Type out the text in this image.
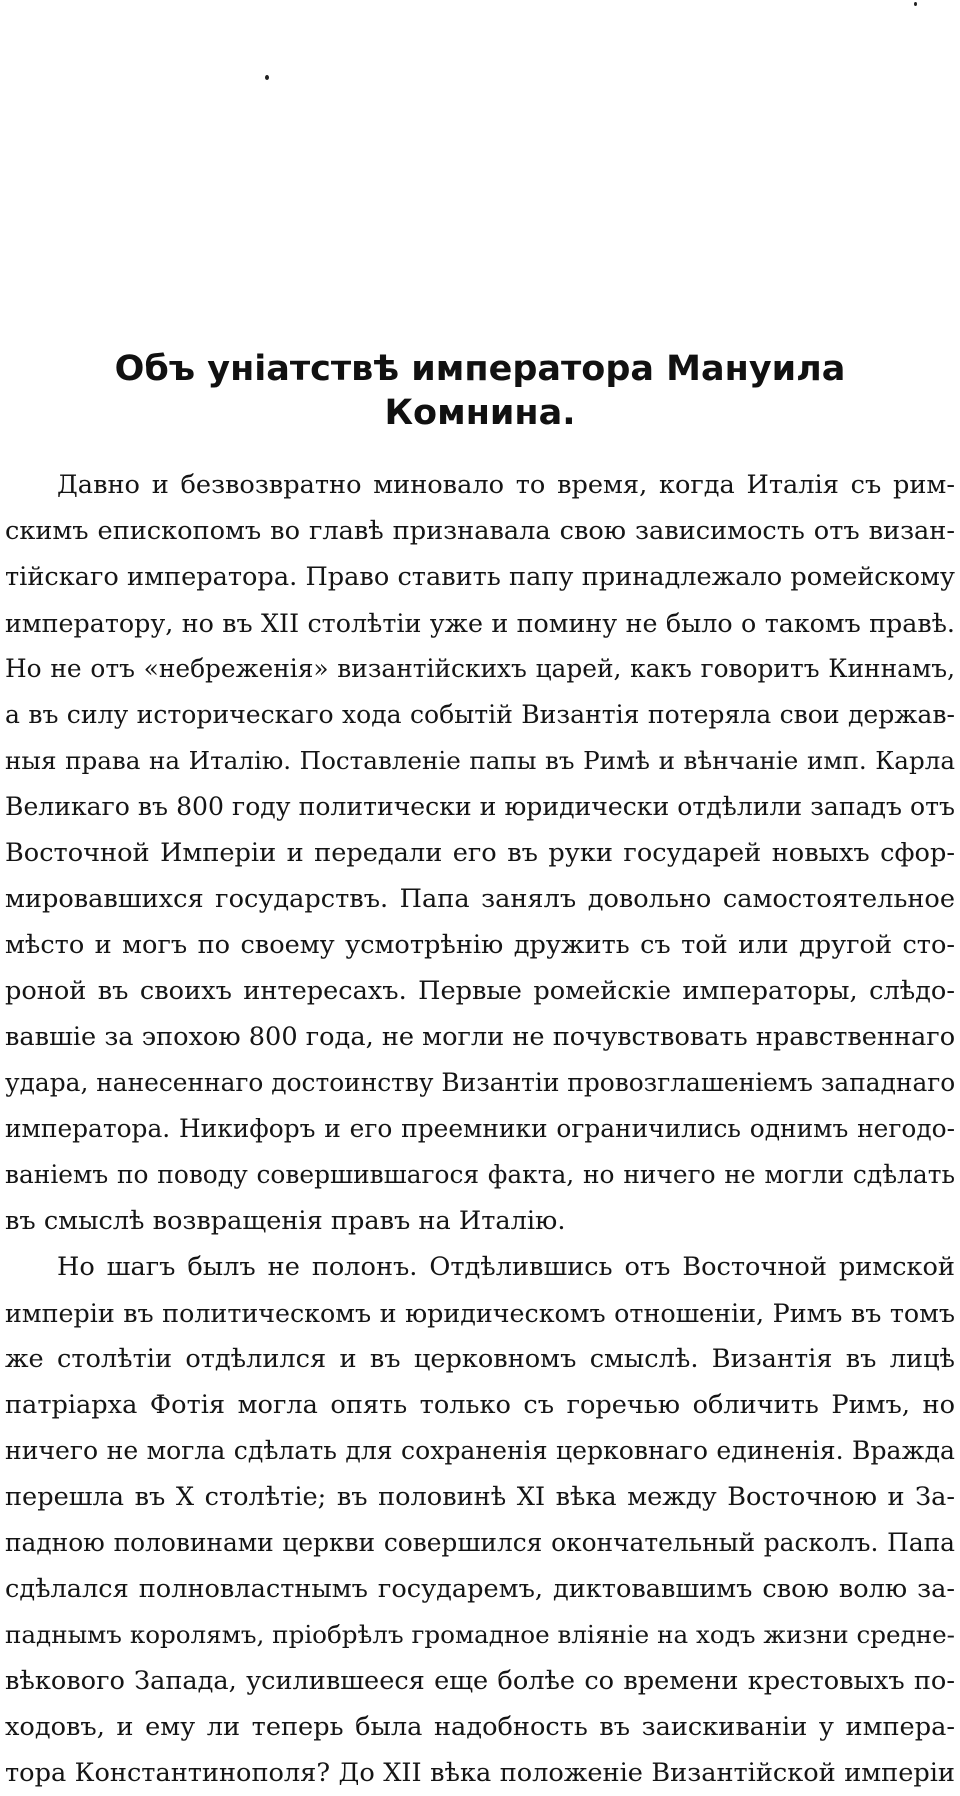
Объ уніатствѣ императора Мануила
Комнина.
Давно и безвозвратно миновало то время, когда Италія съ рим-
скимъ епископомъ во главѣ признавала свою зависимость отъ визан-
тійскаго императора. Право ставить папу принадлежало ромейскому
императору, но въ XII столѣтіи уже и помину не было о такомъ правѣ.
Но не отъ «небреженія» византійскихъ царей, какъ говоритъ Киннамъ,
а въ силу историческаго хода событій Византія потеряла свои держав-
ныя права на Италію. Поставленіе папы въ Римѣ и вѣнчаніе имп. Карла
Великаго въ 800 году политически и юридически отдѣлили западъ отъ
Восточной Имперіи и передали его въ руки государей новыхъ сфор-
мировавшихся государствъ. Папа занялъ довольно самостоятельное
мѣсто и могъ по своему усмотрѣнію дружить съ той или другой сто-
роной въ своихъ интересахъ. Первые ромейскіе императоры, слѣдо-
вавшіе за эпохою 800 года, не могли не почувствовать нравственнаго
удара, нанесеннаго достоинству Византіи провозглашеніемъ западнаго
императора. Никифоръ и его преемники ограничились однимъ негодо-
ваніемъ по поводу совершившагося факта, но ничего не могли сдѣлать
въ смыслѣ возвращенія правъ на Италію.
Но шагъ былъ не полонъ. Отдѣлившись отъ Восточной римской
имперіи въ политическомъ и юридическомъ отношеніи, Римъ въ томъ
же столѣтіи отдѣлился и въ церковномъ смыслѣ. Византія въ лицѣ
патріарха Фотія могла опять только съ горечью обличить Римъ, но
ничего не могла сдѣлать для сохраненія церковнаго единенія. Вражда
перешла въ X столѣтіе; въ половинѣ XI вѣка между Восточною и За-
падною половинами церкви совершился окончательный расколъ. Папа
сдѣлался полновластнымъ государемъ, диктовавшимъ свою волю за-
паднымъ королямъ, пріобрѣлъ громадное вліяніе на ходъ жизни средне-
вѣкового Запада, усилившееся еще болѣе со времени крестовыхъ по-
ходовъ, и ему ли теперь была надобность въ заискиваніи у импера-
тора Константинополя? До XII вѣка положеніе Византійской имперіи
